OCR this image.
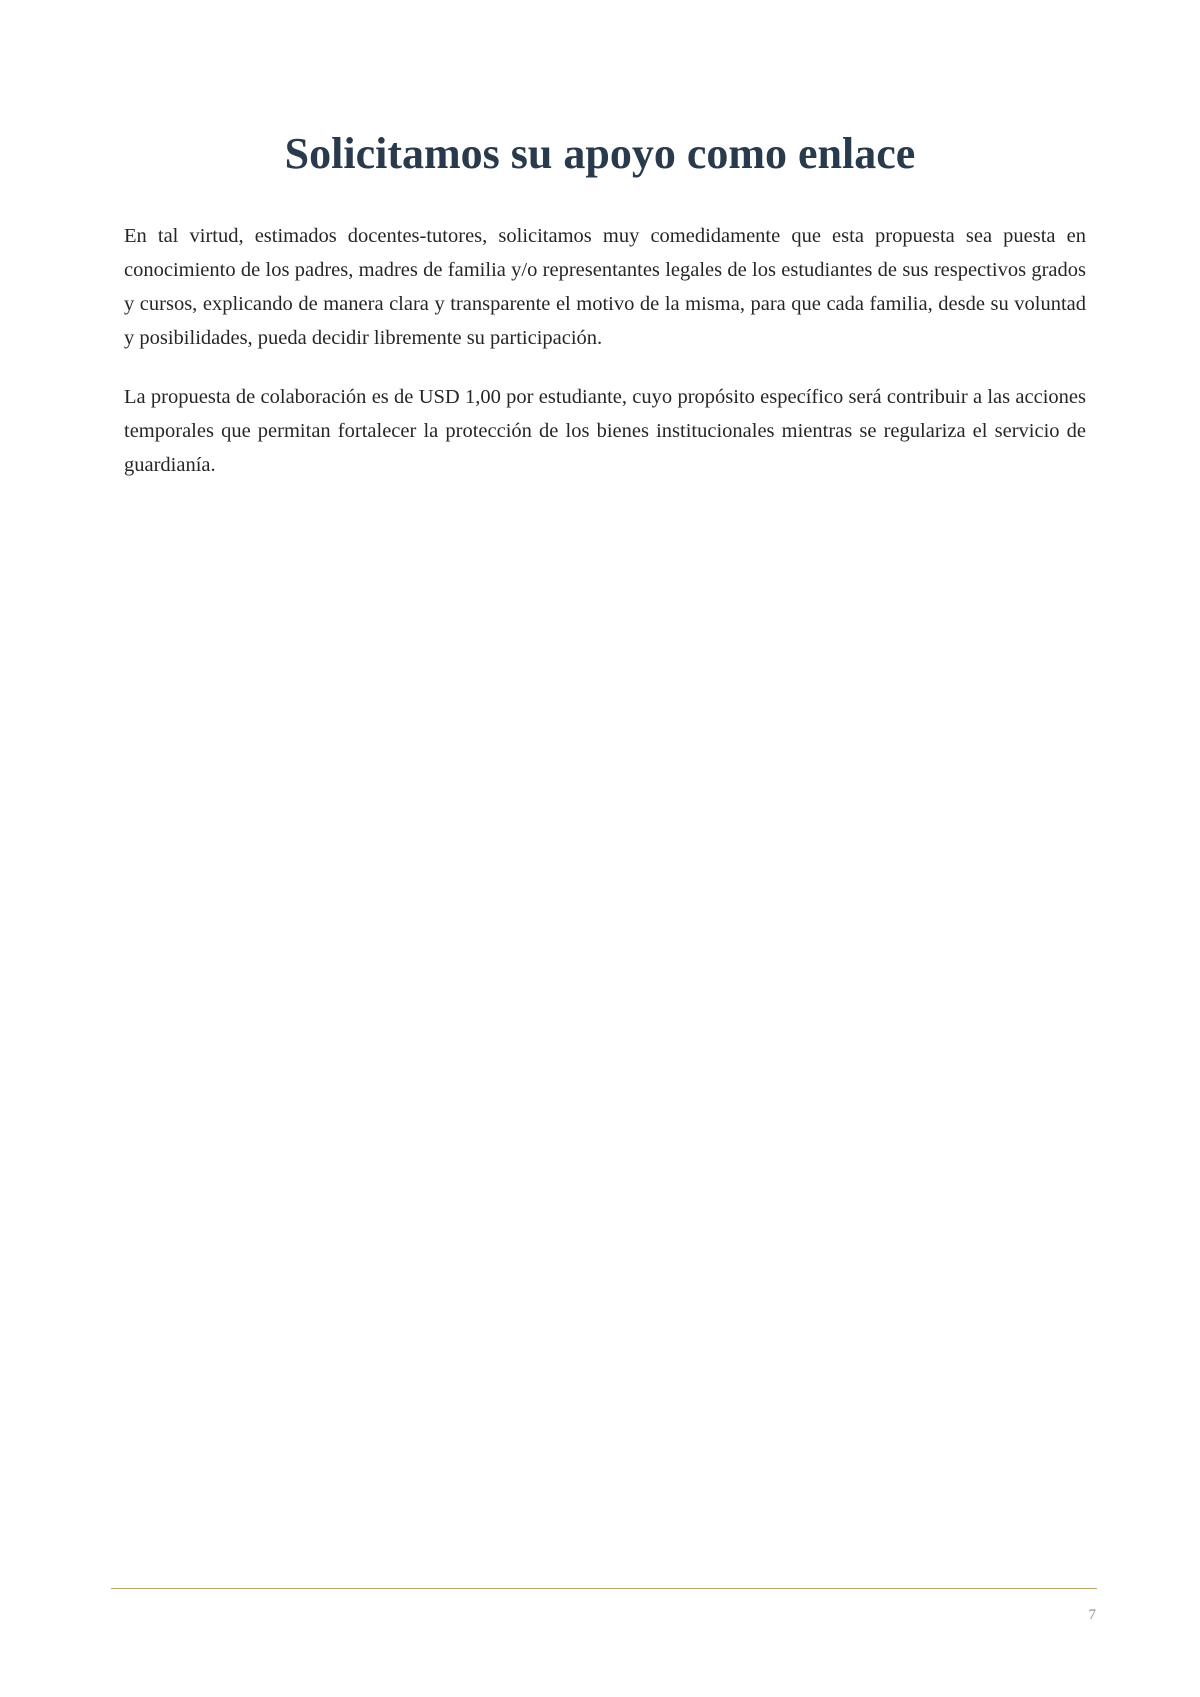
Solicitamos su apoyo como enlace

En tal virtud, estimados docentes-tutores, solicitamos muy comedidamente que esta propuesta sea puesta en conocimiento de los padres, madres de familia y/o representantes legales de los estudiantes de sus respectivos grados y cursos, explicando de manera clara y transparente el motivo de la misma, para que cada familia, desde su voluntad y posibilidades, pueda decidir libremente su participación.

La propuesta de colaboración es de USD 1,00 por estudiante, cuyo propósito específico será contribuir a las acciones temporales que permitan fortalecer la protección de los bienes institucionales mientras se regulariza el servicio de guardianía.

7
